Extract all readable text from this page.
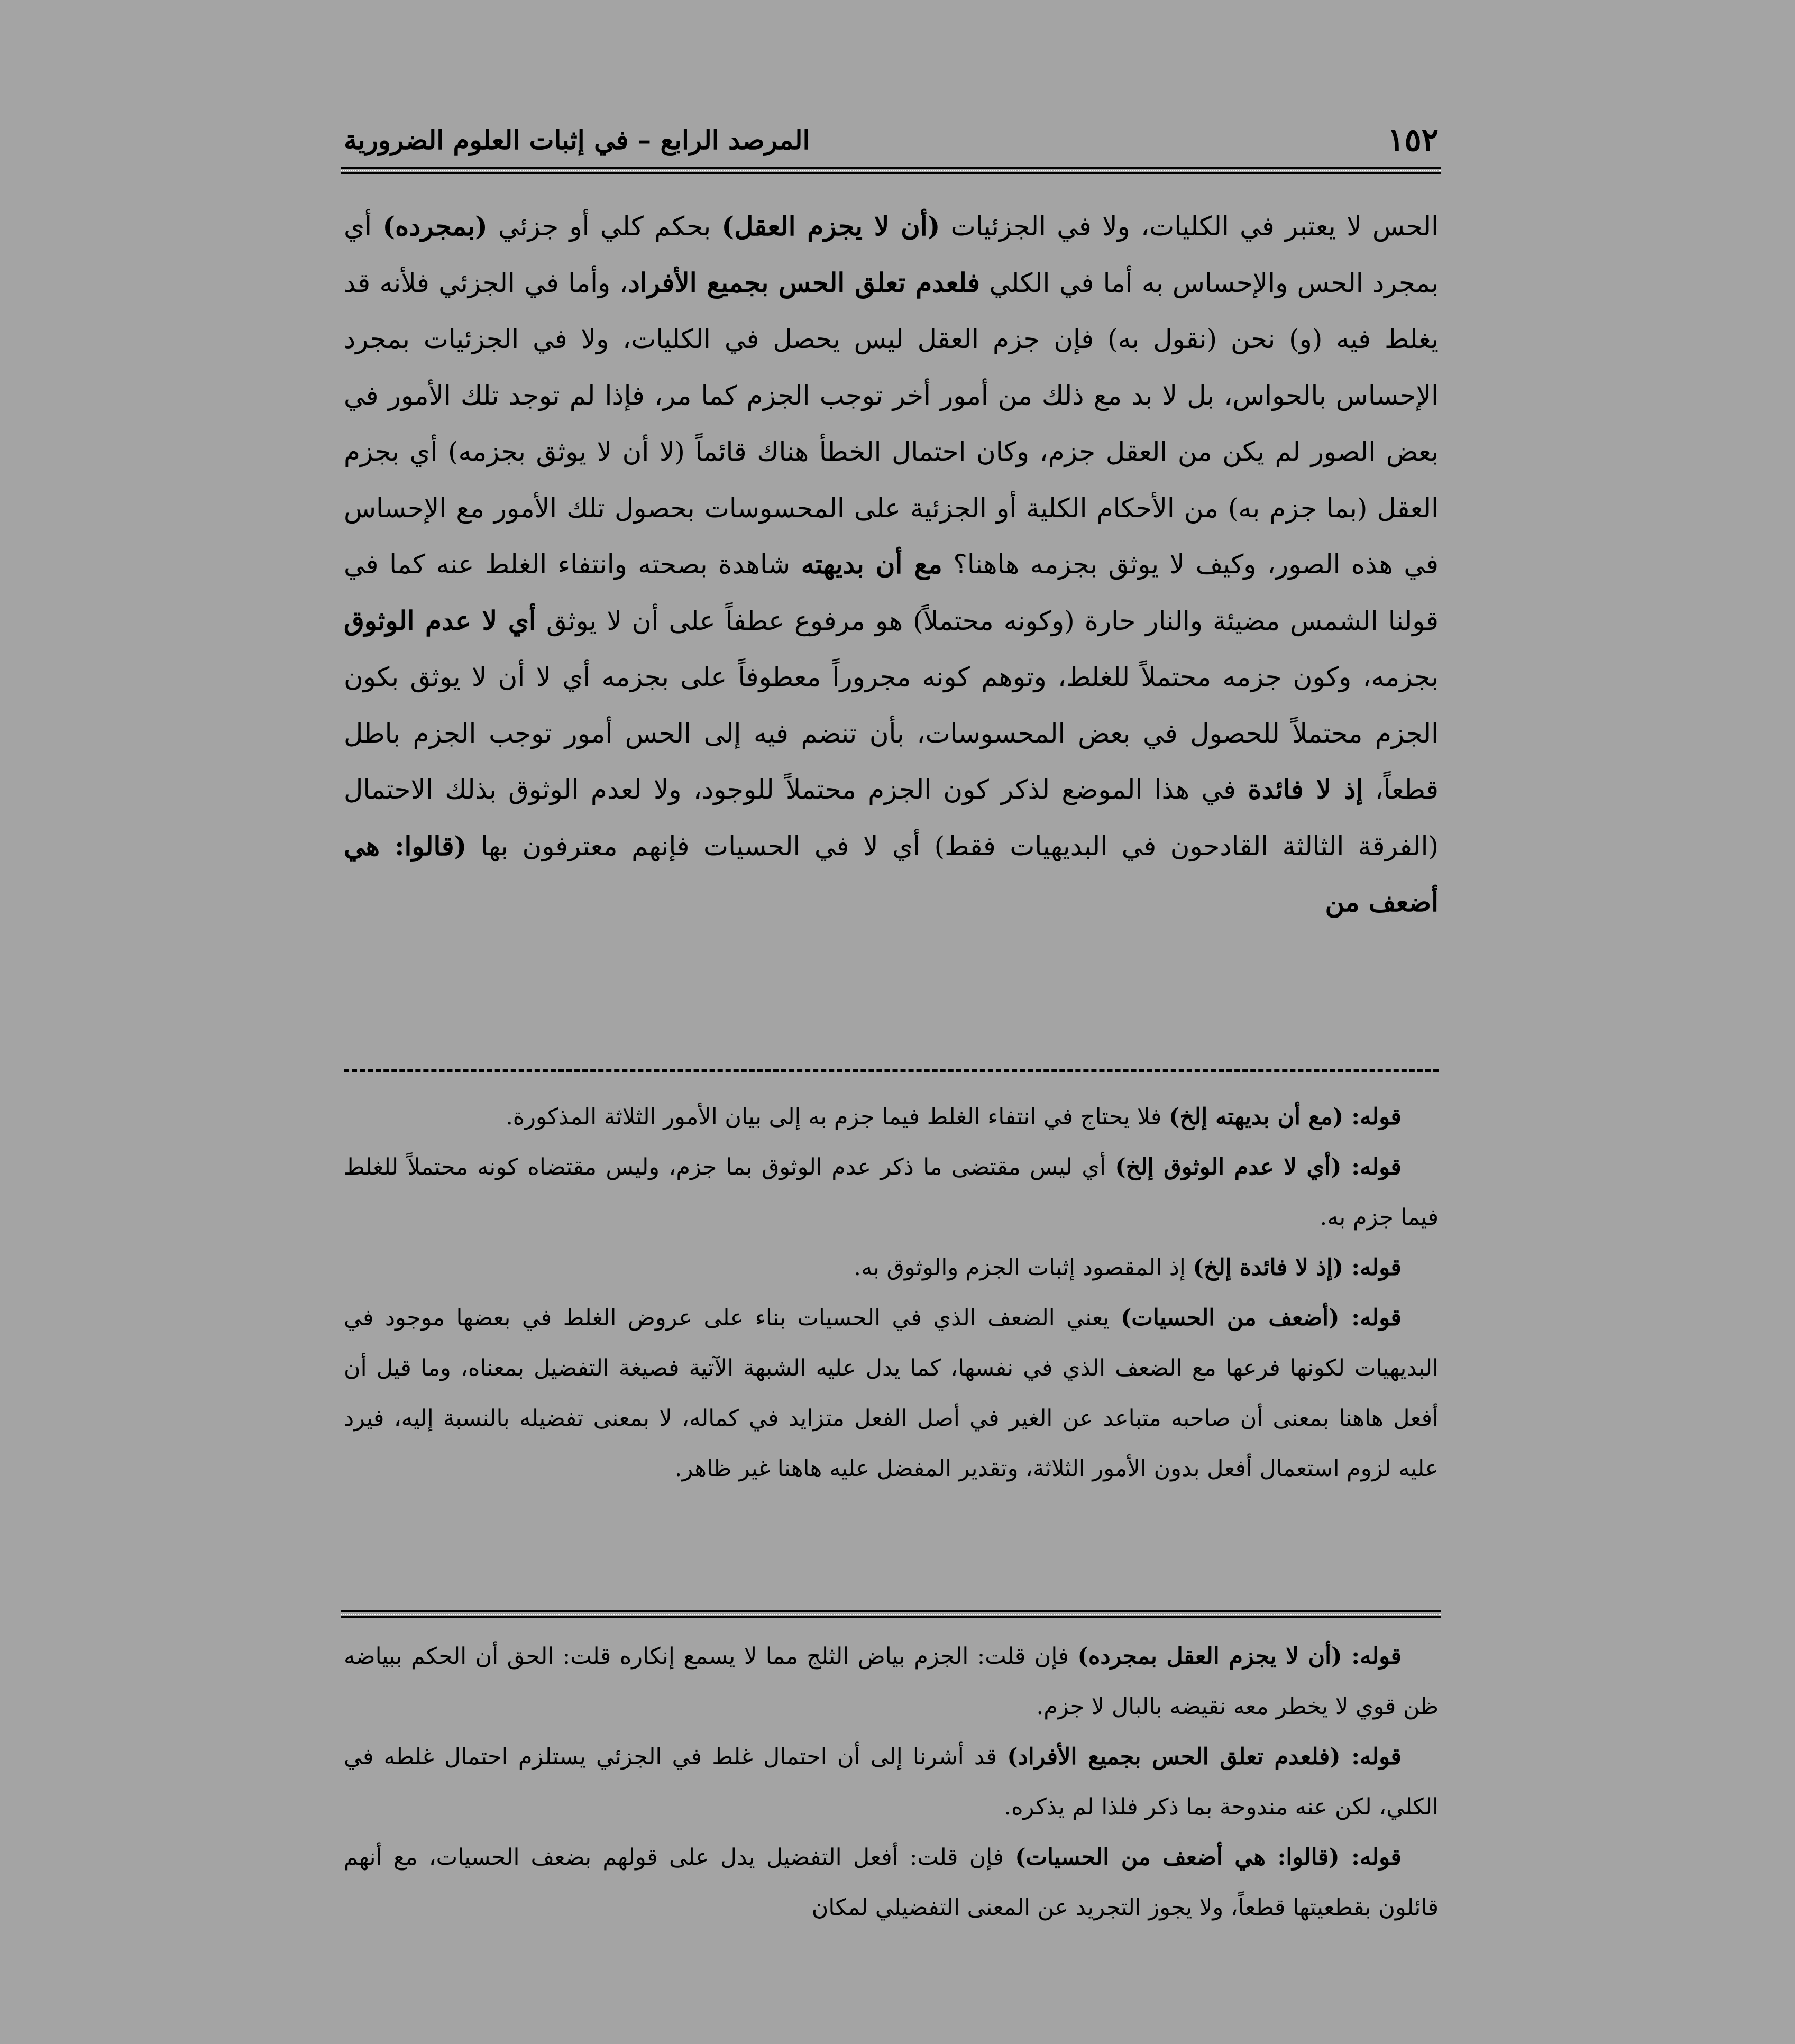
١٥٢
المرصد الرابع – في إثبات العلوم الضرورية

الحس لا يعتبر في الكليات، ولا في الجزئيات (أن لا يجزم العقل) بحكم كلي أو جزئي (بمجرده) أي بمجرد الحس والإحساس به أما في الكلي فلعدم تعلق الحس بجميع الأفراد، وأما في الجزئي فلأنه قد يغلط فيه (و) نحن (نقول به) فإن جزم العقل ليس يحصل في الكليات، ولا في الجزئيات بمجرد الإحساس بالحواس، بل لا بد مع ذلك من أمور أخر توجب الجزم كما مر، فإذا لم توجد تلك الأمور في بعض الصور لم يكن من العقل جزم، وكان احتمال الخطأ هناك قائماً (لا أن لا يوثق بجزمه) أي بجزم العقل (بما جزم به) من الأحكام الكلية أو الجزئية على المحسوسات بحصول تلك الأمور مع الإحساس في هذه الصور، وكيف لا يوثق بجزمه هاهنا؟ مع أن بديهته شاهدة بصحته وانتفاء الغلط عنه كما في قولنا الشمس مضيئة والنار حارة (وكونه محتملاً) هو مرفوع عطفاً على أن لا يوثق أي لا عدم الوثوق بجزمه، وكون جزمه محتملاً للغلط، وتوهم كونه مجروراً معطوفاً على بجزمه أي لا أن لا يوثق بكون الجزم محتملاً للحصول في بعض المحسوسات، بأن تنضم فيه إلى الحس أمور توجب الجزم باطل قطعاً، إذ لا فائدة في هذا الموضع لذكر كون الجزم محتملاً للوجود، ولا لعدم الوثوق بذلك الاحتمال (الفرقة الثالثة القادحون في البديهيات فقط) أي لا في الحسيات فإنهم معترفون بها (قالوا: هي أضعف من

قوله: (مع أن بديهته إلخ) فلا يحتاج في انتفاء الغلط فيما جزم به إلى بيان الأمور الثلاثة المذكورة.

قوله: (أي لا عدم الوثوق إلخ) أي ليس مقتضى ما ذكر عدم الوثوق بما جزم، وليس مقتضاه كونه محتملاً للغلط فيما جزم به.

قوله: (إذ لا فائدة إلخ) إذ المقصود إثبات الجزم والوثوق به.

قوله: (أضعف من الحسيات) يعني الضعف الذي في الحسيات بناء على عروض الغلط في بعضها موجود في البديهيات لكونها فرعها مع الضعف الذي في نفسها، كما يدل عليه الشبهة الآتية فصيغة التفضيل بمعناه، وما قيل أن أفعل هاهنا بمعنى أن صاحبه متباعد عن الغير في أصل الفعل متزايد في كماله، لا بمعنى تفضيله بالنسبة إليه، فيرد عليه لزوم استعمال أفعل بدون الأمور الثلاثة، وتقدير المفضل عليه هاهنا غير ظاهر.

قوله: (أن لا يجزم العقل بمجرده) فإن قلت: الجزم بياض الثلج مما لا يسمع إنكاره قلت: الحق أن الحكم ببياضه ظن قوي لا يخطر معه نقيضه بالبال لا جزم.

قوله: (فلعدم تعلق الحس بجميع الأفراد) قد أشرنا إلى أن احتمال غلط في الجزئي يستلزم احتمال غلطه في الكلي، لكن عنه مندوحة بما ذكر فلذا لم يذكره.

قوله: (قالوا: هي أضعف من الحسيات) فإن قلت: أفعل التفضيل يدل على قولهم بضعف الحسيات، مع أنهم قائلون بقطعيتها قطعاً، ولا يجوز التجريد عن المعنى التفضيلي لمكان
